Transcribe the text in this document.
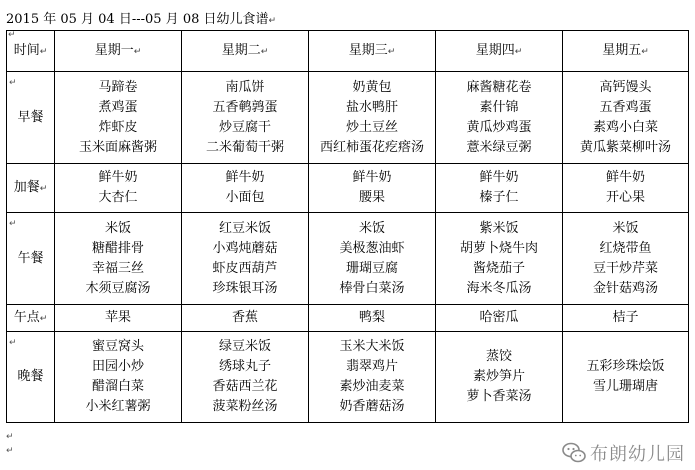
2015 年 05 月 04 日---05 月 08 日幼儿食谱↵
↵
时间↵	星期一↵	星期二↵	星期三↵	星期四↵	星期五↵

↵
早餐	马蹄卷
煮鸡蛋
炸虾皮
玉米面麻酱粥	南瓜饼
五香鹌鹑蛋
炒豆腐干
二米葡萄干粥	奶黄包
盐水鸭肝
炒土豆丝
西红柿蛋花疙瘩汤	麻酱糖花卷
素什锦
黄瓜炒鸡蛋
薏米绿豆粥	高钙馒头
五香鸡蛋
素鸡小白菜
黄瓜紫菜柳叶汤

加餐↵	鲜牛奶
大杏仁	鲜牛奶
小面包	鲜牛奶
腰果	鲜牛奶
榛子仁	鲜牛奶
开心果

↵
午餐	米饭
糖醋排骨
幸福三丝
木须豆腐汤	红豆米饭
小鸡炖蘑菇
虾皮西葫芦
珍珠银耳汤	米饭
美极葱油虾
珊瑚豆腐
棒骨白菜汤	紫米饭
胡萝卜烧牛肉
酱烧茄子
海米冬瓜汤	米饭
红烧带鱼
豆干炒芹菜
金针菇鸡汤

午点↵	苹果	香蕉	鸭梨	哈密瓜	桔子

↵
晚餐	蜜豆窝头
田园小炒
醋溜白菜
小米红薯粥	绿豆米饭
绣球丸子
香菇西兰花
菠菜粉丝汤	玉米大米饭
翡翠鸡片
素炒油麦菜
奶香蘑菇汤	蒸饺
素炒笋片
萝卜香菜汤	五彩珍珠烩饭
雪儿珊瑚唐
↵
↵	布朗幼儿园
